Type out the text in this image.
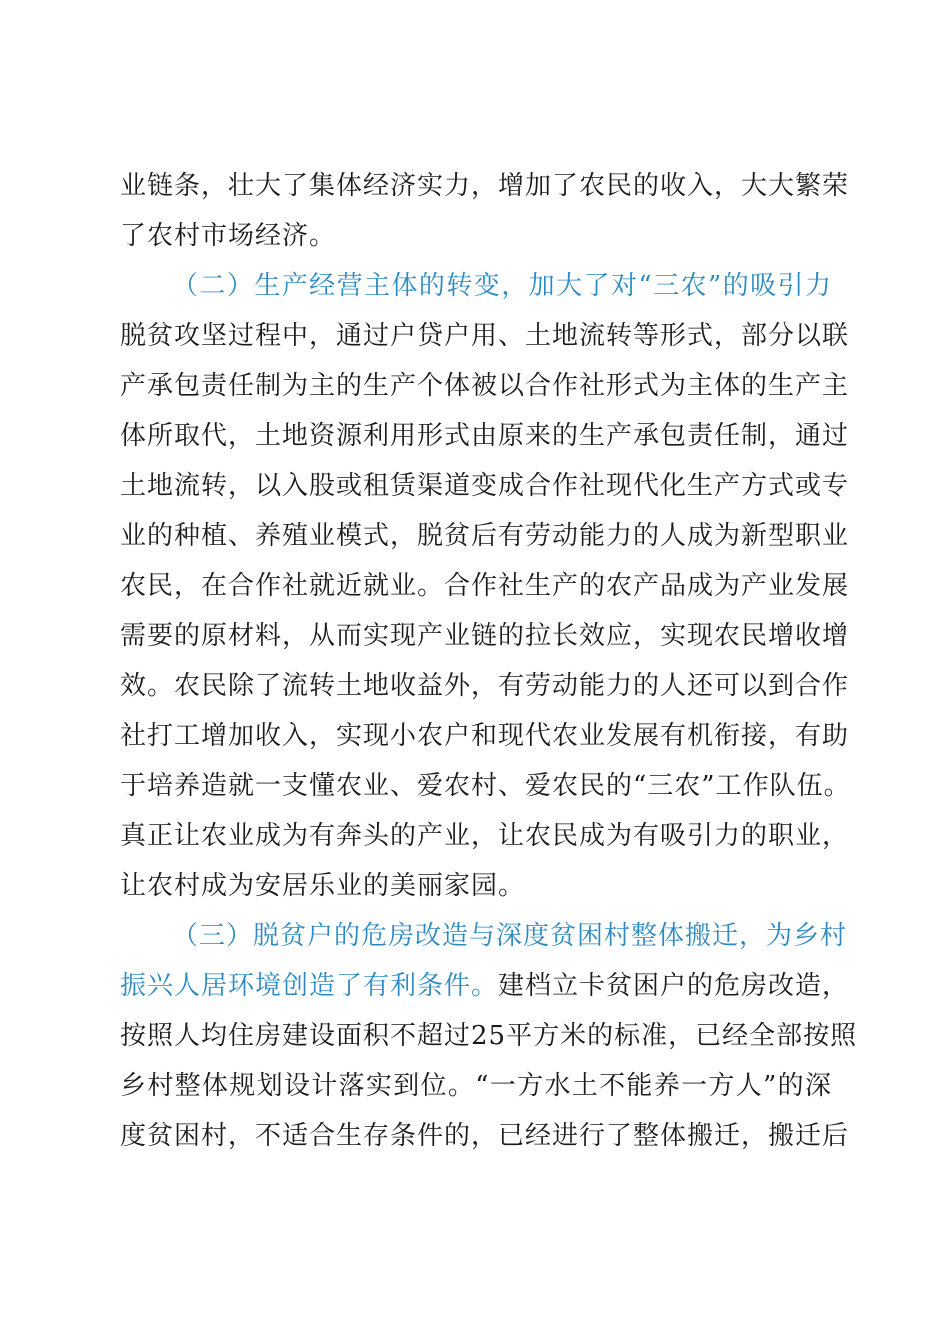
业链条，壮大了集体经济实力，增加了农民的收入，大大繁荣
了农村市场经济。
（二）生产经营主体的转变，加大了对“三农”的吸引力
脱贫攻坚过程中，通过户贷户用、土地流转等形式，部分以联
产承包责任制为主的生产个体被以合作社形式为主体的生产主
体所取代，土地资源利用形式由原来的生产承包责任制，通过
土地流转，以入股或租赁渠道变成合作社现代化生产方式或专
业的种植、养殖业模式，脱贫后有劳动能力的人成为新型职业
农民，在合作社就近就业。合作社生产的农产品成为产业发展
需要的原材料，从而实现产业链的拉长效应，实现农民增收增
效。农民除了流转土地收益外，有劳动能力的人还可以到合作
社打工增加收入，实现小农户和现代农业发展有机衔接，有助
于培养造就一支懂农业、爱农村、爱农民的“三农”工作队伍。
真正让农业成为有奔头的产业，让农民成为有吸引力的职业，
让农村成为安居乐业的美丽家园。
（三）脱贫户的危房改造与深度贫困村整体搬迁，为乡村
振兴人居环境创造了有利条件。建档立卡贫困户的危房改造，
按照人均住房建设面积不超过25平方米的标准，已经全部按照
乡村整体规划设计落实到位。“一方水土不能养一方人”的深
度贫困村，不适合生存条件的，已经进行了整体搬迁，搬迁后
